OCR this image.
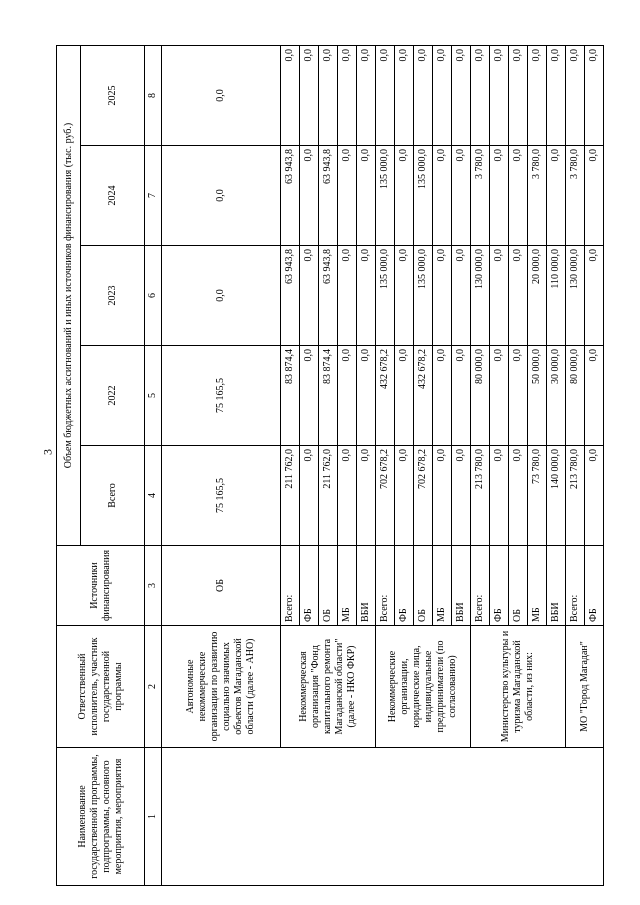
3
Наименование государственной программы, подпрограммы, основного мероприятия, мероприятия	Ответственный исполнитель, участник государственной программы	Источники финансирования	Объем бюджетных ассигнований и иных источников финансирования (тыс. руб.)				
			Всего	2022	2023	2024	2025
1	2	3	4	5	6	7	8
	Автономные некоммерческие организации по развитию социально значимых объектов Магаданской области (далее - АНО)	ОБ	75 165,5	75 165,5	0,0	0,0	0,0
	Некоммерческая организация "Фонд капитального ремонта Магаданской области" (далее - НКО ФКР)	Всего:	211 762,0	83 874,4	63 943,8	63 943,8	0,0
		ФБ	0,0	0,0	0,0	0,0	0,0
		ОБ	211 762,0	83 874,4	63 943,8	63 943,8	0,0
		МБ	0,0	0,0	0,0	0,0	0,0
		ВБИ	0,0	0,0	0,0	0,0	0,0
	Некоммерческие организации, юридические лица, индивидуальные предприниматели (по согласованию)	Всего:	702 678,2	432 678,2	135 000,0	135 000,0	0,0
		ФБ	0,0	0,0	0,0	0,0	0,0
		ОБ	702 678,2	432 678,2	135 000,0	135 000,0	0,0
		МБ	0,0	0,0	0,0	0,0	0,0
		ВБИ	0,0	0,0	0,0	0,0	0,0
	Министерство культуры и туризма Магаданской области, из них:	Всего:	213 780,0	80 000,0	130 000,0	3 780,0	0,0
		ФБ	0,0	0,0	0,0	0,0	0,0
		ОБ	0,0	0,0	0,0	0,0	0,0
		МБ	73 780,0	50 000,0	20 000,0	3 780,0	0,0
		ВБИ	140 000,0	30 000,0	110 000,0	0,0	0,0
	МО "Город Магадан"	Всего:	213 780,0	80 000,0	130 000,0	3 780,0	0,0
		ФБ	0,0	0,0	0,0	0,0	0,0
